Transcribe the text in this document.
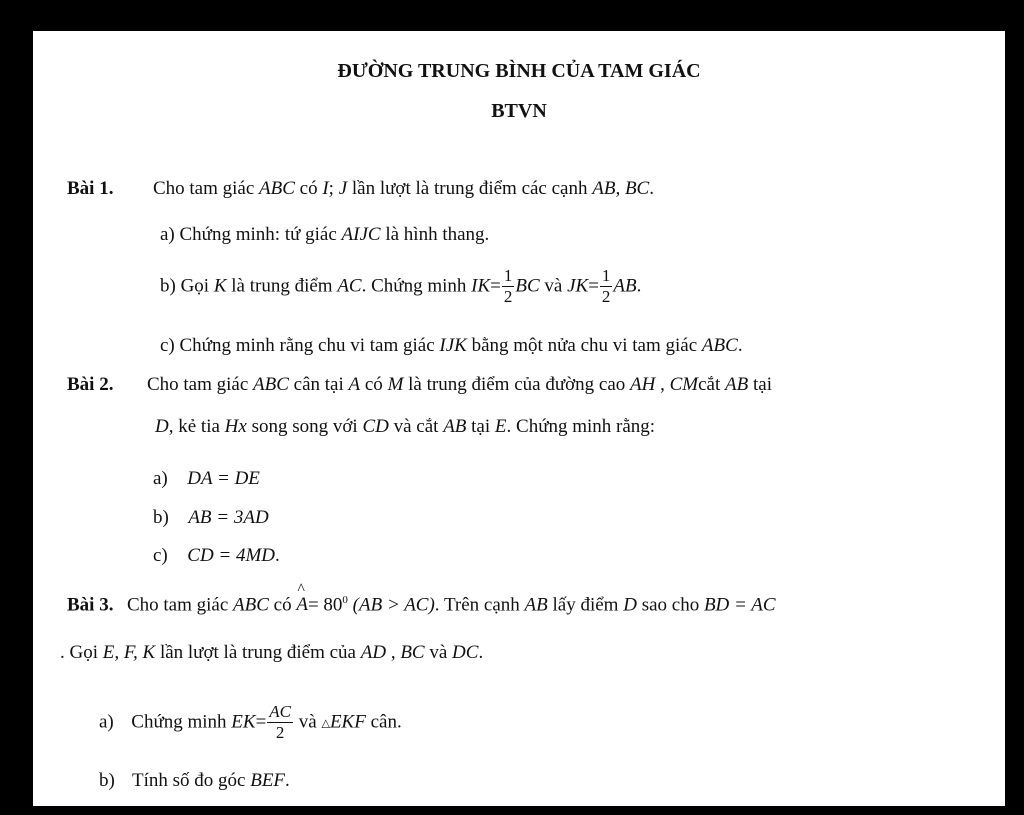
ĐƯỜNG TRUNG BÌNH CỦA TAM GIÁC
BTVN
Bài 1. Cho tam giác ABC có I; J lần lượt là trung điểm các cạnh AB, BC.
a) Chứng minh: tứ giác AIJC là hình thang.
b) Gọi K là trung điểm AC. Chứng minh $IK= \frac{1}{2}$ BC và $JK= \frac{1}{2}$ AB.
c) Chứng minh rằng chu vi tam giác IJK bằng một nửa chu vi tam giác ABC.
Bài 2. Cho tam giác ABC cân tại A có M là trung điểm của đường cao AH , CMcắt AB tại
D, kẻ tia Hx song song với CD và cắt AB tại E. Chứng minh rằng:
a) DA = DE
b) AB = 3AD
c) CD = 4MD.
Bài 3. Cho tam giác ABC có
^
$A= 80^0$ (AB > AC). Trên cạnh AB lấy điểm D sao cho BD = AC
. Gọi E, F, K lần lượt là trung điểm của AD , BC và DC.
a) Chứng minh $EK= \frac{AC}{2}$ và △EKF cân.
b) Tính số đo góc BEF.
